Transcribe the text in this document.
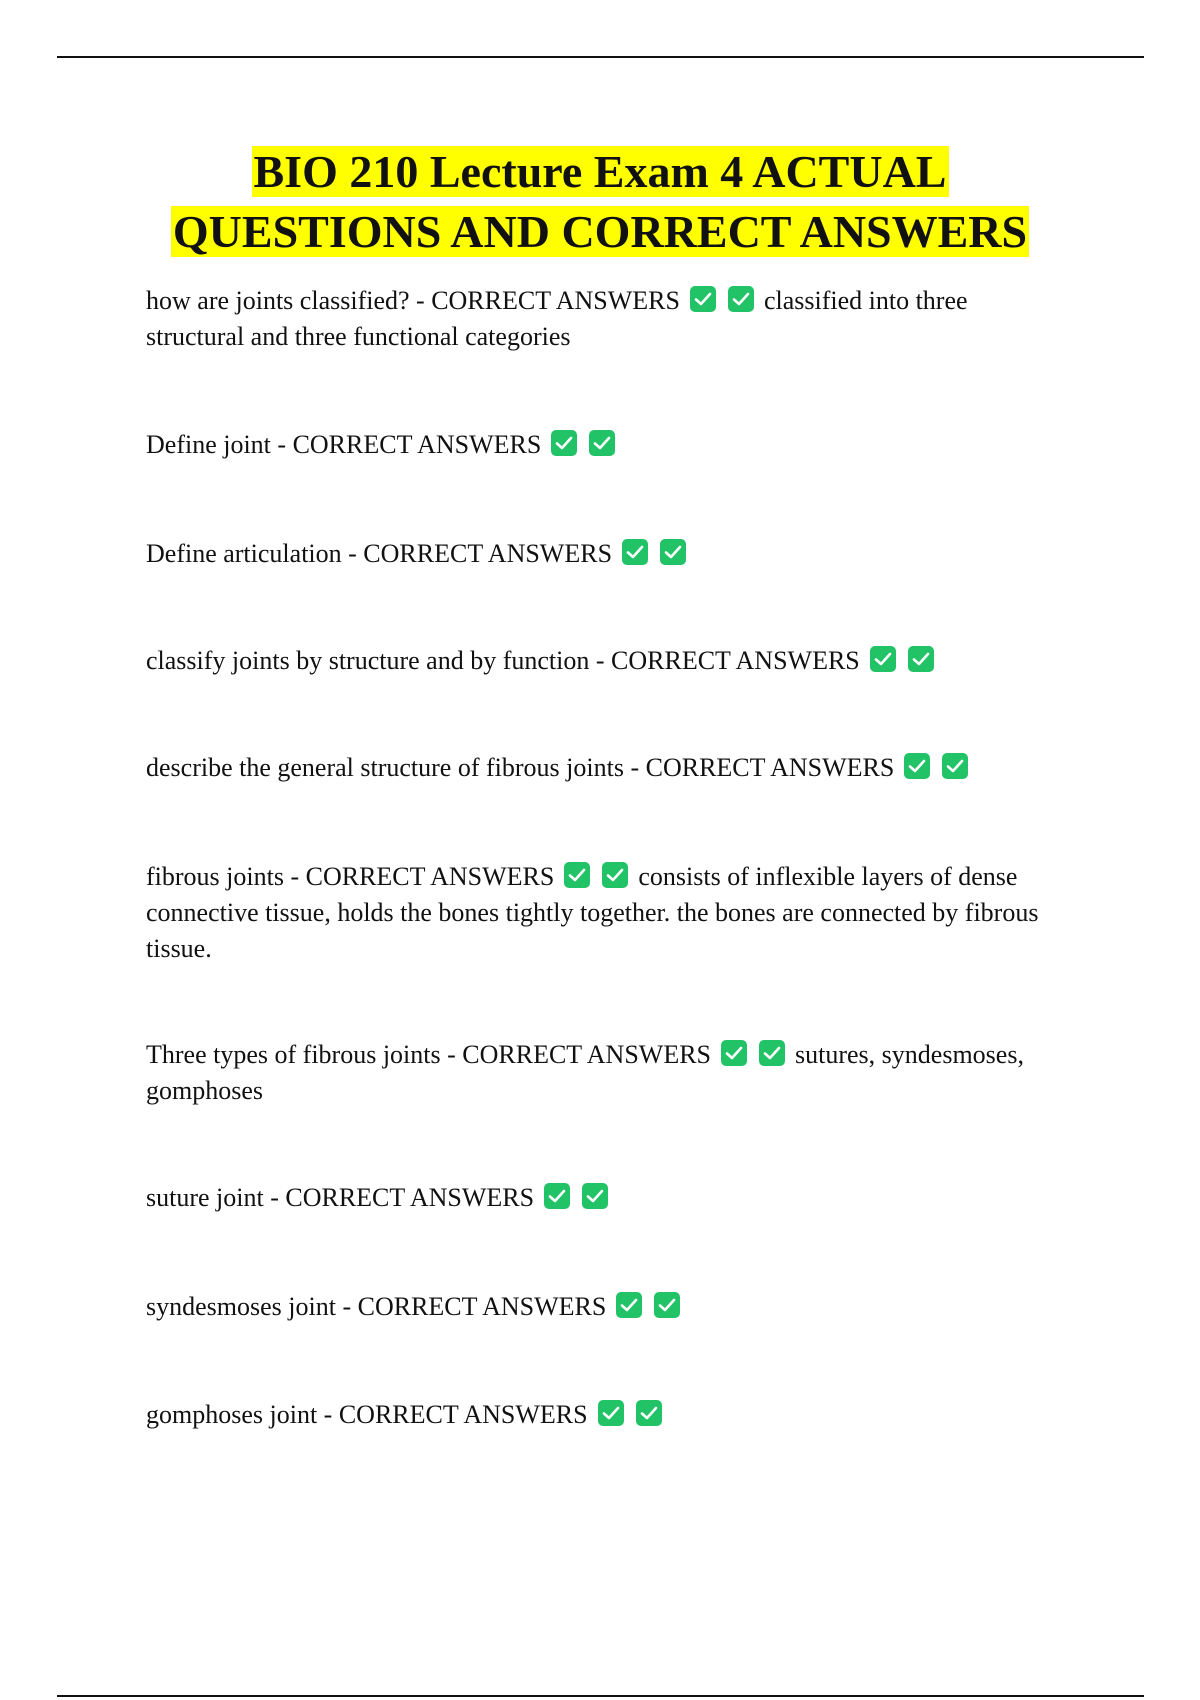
BIO 210 Lecture Exam 4 ACTUAL
QUESTIONS AND CORRECT ANSWERS
how are joints classified? - CORRECT ANSWERS	classified into three structural and three functional categories
Define joint - CORRECT ANSWERS
Define articulation - CORRECT ANSWERS
classify joints by structure and by function - CORRECT ANSWERS
describe the general structure of fibrous joints - CORRECT ANSWERS
fibrous joints - CORRECT ANSWERS	consists of inflexible layers of dense connective tissue, holds the bones tightly together. the bones are connected by fibrous tissue.
Three types of fibrous joints - CORRECT ANSWERS	sutures, syndesmoses, gomphoses
suture joint - CORRECT ANSWERS
syndesmoses joint - CORRECT ANSWERS
gomphoses joint - CORRECT ANSWERS
